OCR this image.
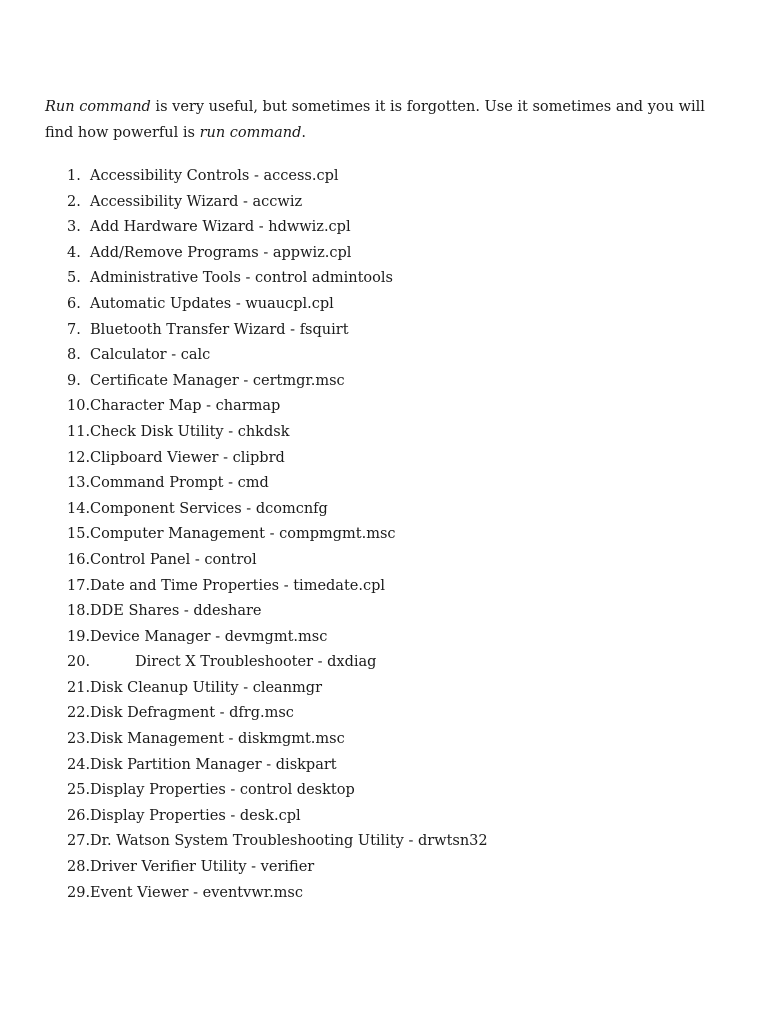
Run command is very useful, but sometimes it is forgotten. Use it sometimes and you will find how powerful is run command.

1. Accessibility Controls - access.cpl
2. Accessibility Wizard - accwiz
3. Add Hardware Wizard - hdwwiz.cpl
4. Add/Remove Programs - appwiz.cpl
5. Administrative Tools - control admintools
6. Automatic Updates - wuaucpl.cpl
7. Bluetooth Transfer Wizard - fsquirt
8. Calculator - calc
9. Certificate Manager - certmgr.msc
10. Character Map - charmap
11. Check Disk Utility - chkdsk
12. Clipboard Viewer - clipbrd
13. Command Prompt - cmd
14. Component Services - dcomcnfg
15. Computer Management - compmgmt.msc
16. Control Panel - control
17. Date and Time Properties - timedate.cpl
18. DDE Shares - ddeshare
19. Device Manager - devmgmt.msc
20.	Direct X Troubleshooter - dxdiag
21. Disk Cleanup Utility - cleanmgr
22. Disk Defragment - dfrg.msc
23. Disk Management - diskmgmt.msc
24. Disk Partition Manager - diskpart
25. Display Properties - control desktop
26. Display Properties - desk.cpl
27. Dr. Watson System Troubleshooting Utility - drwtsn32
28. Driver Verifier Utility - verifier
29. Event Viewer - eventvwr.msc
